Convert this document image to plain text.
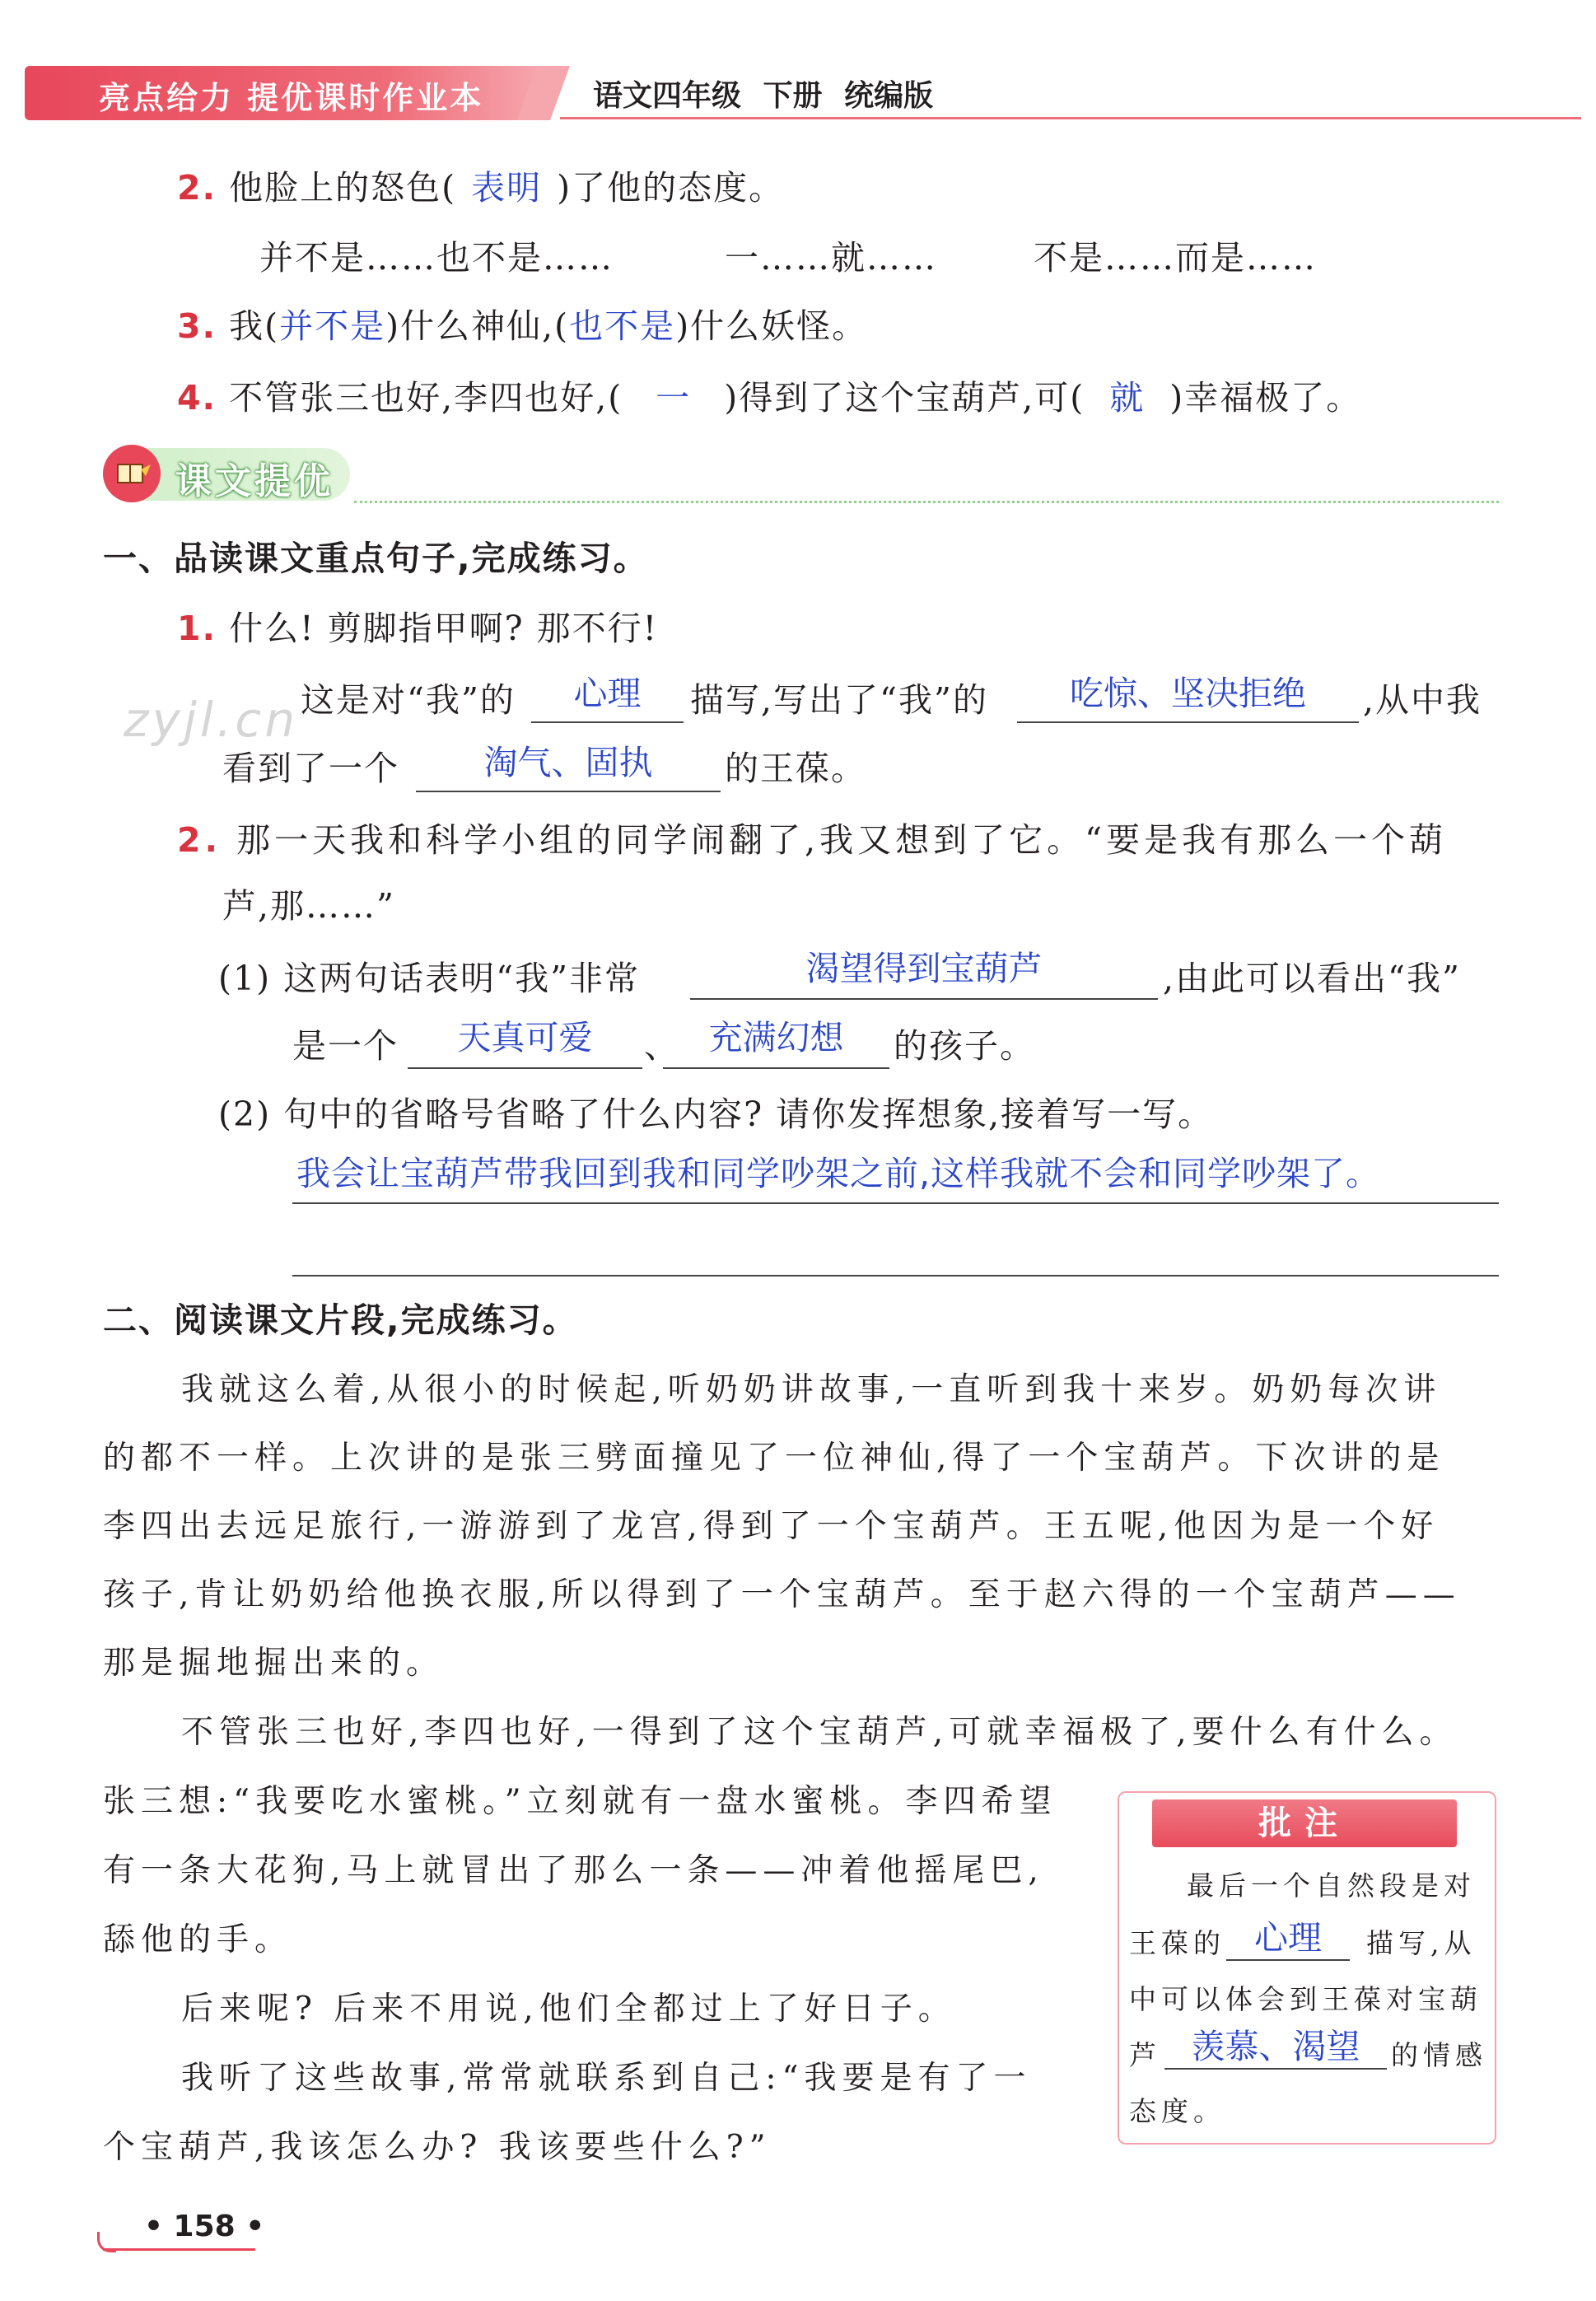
亮点给力 提优课时作业本	语文四年级 下册 统编版
2. 他脸上的怒色( 表明 )了他的态度。
并不是……也不是……	一……就……	不是……而是……
3. 我(并不是)什么神仙,(也不是)什么妖怪。
4. 不管张三也好,李四也好,( 一 )得到了这个宝葫芦,可( 就 )幸福极了。
课文提优
一、品读课文重点句子,完成练习。
1. 什么! 剪脚指甲啊? 那不行!
这是对“我”的	心理	描写,写出了“我”的	吃惊、坚决拒绝	,从中我
看到了一个	淘气、固执	的王葆。
2. 那一天我和科学小组的同学闹翻了,我又想到了它。“要是我有那么一个葫
芦,那……”
(1) 这两句话表明“我”非常	渴望得到宝葫芦	,由此可以看出“我”
是一个	天真可爱	、 充满幻想	的孩子。
(2) 句中的省略号省略了什么内容? 请你发挥想象,接着写一写。
我会让宝葫芦带我回到我和同学吵架之前,这样我就不会和同学吵架了。
二、阅读课文片段,完成练习。
我就这么着,从很小的时候起,听奶奶讲故事,一直听到我十来岁。奶奶每次讲
的都不一样。上次讲的是张三劈面撞见了一位神仙,得了一个宝葫芦。下次讲的是
李四出去远足旅行,一游游到了龙宫,得到了一个宝葫芦。王五呢,他因为是一个好
孩子,肯让奶奶给他换衣服,所以得到了一个宝葫芦。至于赵六得的一个宝葫芦——
那是掘地掘出来的。
不管张三也好,李四也好,一得到了这个宝葫芦,可就幸福极了,要什么有什么。
张三想:“我要吃水蜜桃。”立刻就有一盘水蜜桃。李四希望
有一条大花狗,马上就冒出了那么一条——冲着他摇尾巴,
舔他的手。
后来呢? 后来不用说,他们全都过上了好日子。
我听了这些故事,常常就联系到自己:“我要是有了一
个宝葫芦,我该怎么办? 我该要些什么?”
批注
最后一个自然段是对
王葆的 心理	描写,从
中可以体会到王葆对宝葫
芦 羡慕、渴望	的情感
态度。
zyjl.cn
• 158 •
